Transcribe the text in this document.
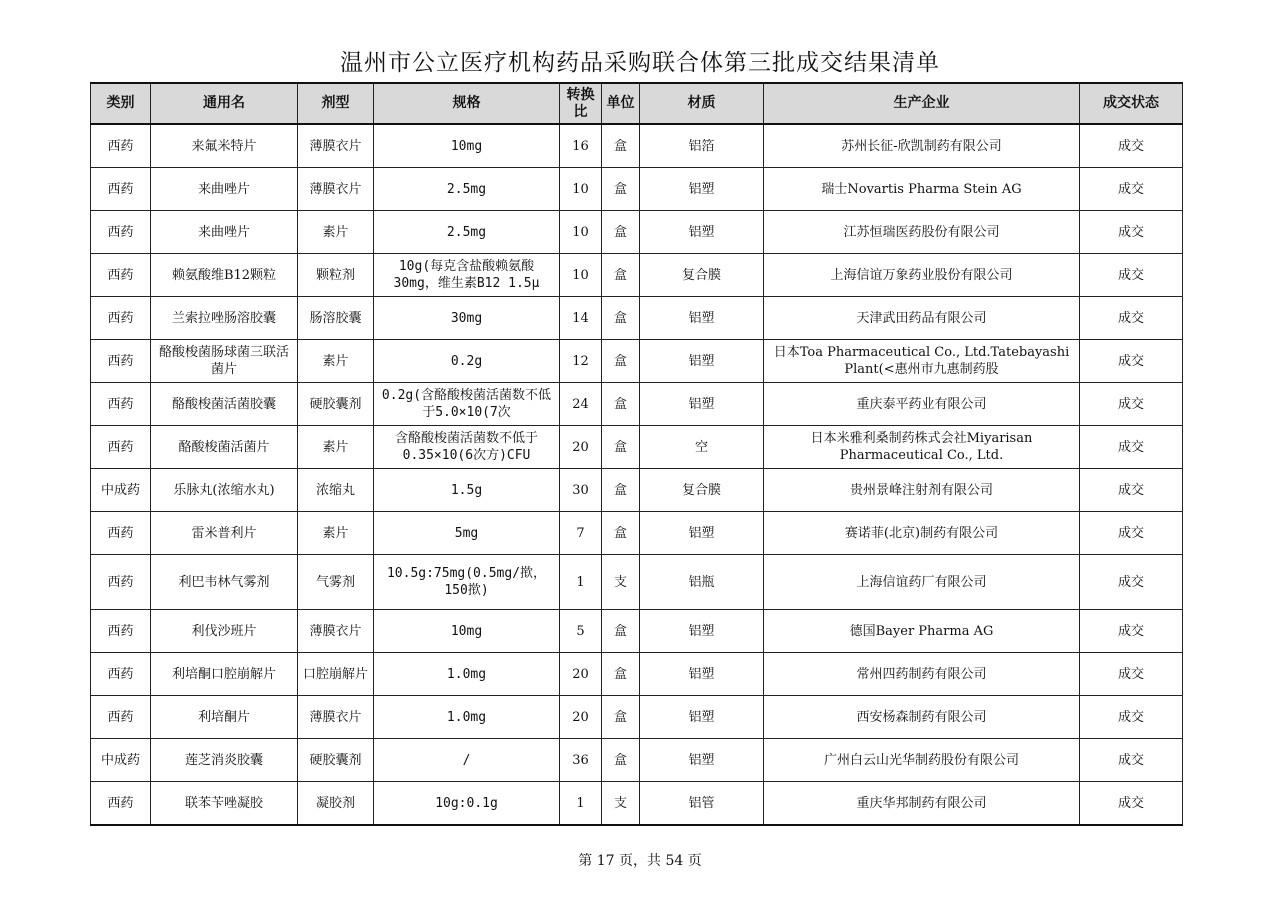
温州市公立医疗机构药品采购联合体第三批成交结果清单
类别	通用名	剂型	规格	转换比	单位	材质	生产企业	成交状态
西药	来氟米特片	薄膜衣片	10mg	16	盒	铝箔	苏州长征-欣凯制药有限公司	成交
西药	来曲唑片	薄膜衣片	2.5mg	10	盒	铝塑	瑞士Novartis Pharma Stein AG	成交
西药	来曲唑片	素片	2.5mg	10	盒	铝塑	江苏恒瑞医药股份有限公司	成交
西药	赖氨酸维B12颗粒	颗粒剂	10g(每克含盐酸赖氨酸30mg，维生素B12 1.5μ	10	盒	复合膜	上海信谊万象药业股份有限公司	成交
西药	兰索拉唑肠溶胶囊	肠溶胶囊	30mg	14	盒	铝塑	天津武田药品有限公司	成交
西药	酪酸梭菌肠球菌三联活菌片	素片	0.2g	12	盒	铝塑	日本Toa Pharmaceutical Co., Ltd.Tatebayashi Plant(<惠州市九惠制药股	成交
西药	酪酸梭菌活菌胶囊	硬胶囊剂	0.2g(含酪酸梭菌活菌数不低于5.0×10(7次	24	盒	铝塑	重庆泰平药业有限公司	成交
西药	酪酸梭菌活菌片	素片	含酪酸梭菌活菌数不低于0.35×10(6次方)CFU	20	盒	空	日本米雅利桑制药株式会社Miyarisan Pharmaceutical Co., Ltd.	成交
中成药	乐脉丸(浓缩水丸)	浓缩丸	1.5g	30	盒	复合膜	贵州景峰注射剂有限公司	成交
西药	雷米普利片	素片	5mg	7	盒	铝塑	赛诺菲(北京)制药有限公司	成交
西药	利巴韦林气雾剂	气雾剂	10.5g:75mg(0.5mg/揿，150揿)	1	支	铝瓶	上海信谊药厂有限公司	成交
西药	利伐沙班片	薄膜衣片	10mg	5	盒	铝塑	德国Bayer Pharma AG	成交
西药	利培酮口腔崩解片	口腔崩解片	1.0mg	20	盒	铝塑	常州四药制药有限公司	成交
西药	利培酮片	薄膜衣片	1.0mg	20	盒	铝塑	西安杨森制药有限公司	成交
中成药	莲芝消炎胶囊	硬胶囊剂	/	36	盒	铝塑	广州白云山光华制药股份有限公司	成交
西药	联苯苄唑凝胶	凝胶剂	10g:0.1g	1	支	铝管	重庆华邦制药有限公司	成交
第 17 页，共 54 页
